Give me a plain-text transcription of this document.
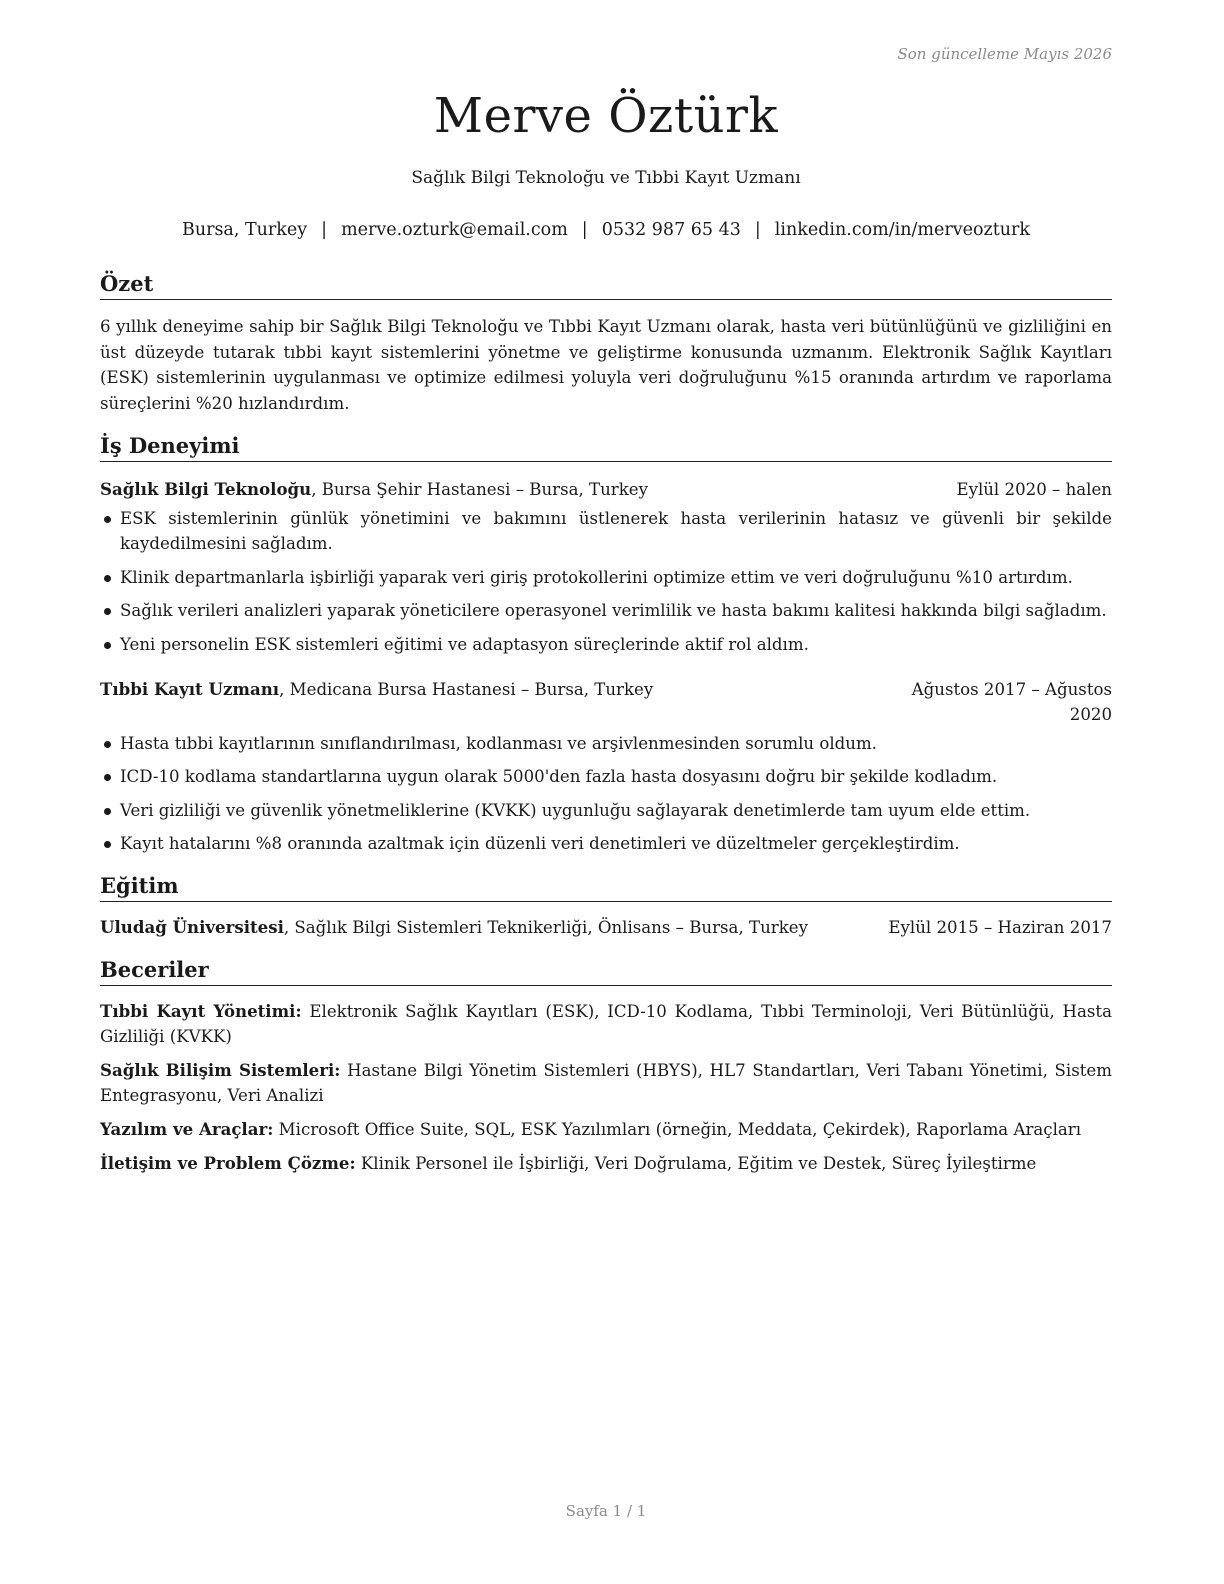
Son güncelleme Mayıs 2026
Merve Öztürk
Sağlık Bilgi Teknoloğu ve Tıbbi Kayıt Uzmanı
Bursa, Turkey | merve.ozturk@email.com | 0532 987 65 43 | linkedin.com/in/merveozturk
Özet

6 yıllık deneyime sahip bir Sağlık Bilgi Teknoloğu ve Tıbbi Kayıt Uzmanı olarak, hasta veri bütünlüğünü ve gizliliğini en üst düzeyde tutarak tıbbi kayıt sistemlerini yönetme ve geliştirme konusunda uzmanım. Elektronik Sağlık Kayıtları (ESK) sistemlerinin uygulanması ve optimize edilmesi yoluyla veri doğruluğunu %15 oranında artırdım ve raporlama süreçlerini %20 hızlandırdım.

İş Deneyimi
Sağlık Bilgi Teknoloğu, Bursa Şehir Hastanesi – Bursa, Turkey	Eylül 2020 – halen
ESK sistemlerinin günlük yönetimini ve bakımını üstlenerek hasta verilerinin hatasız ve güvenli bir şekilde kaydedilmesini sağladım.
Klinik departmanlarla işbirliği yaparak veri giriş protokollerini optimize ettim ve veri doğruluğunu %10 artırdım.
Sağlık verileri analizleri yaparak yöneticilere operasyonel verimlilik ve hasta bakımı kalitesi hakkında bilgi sağladım.
Yeni personelin ESK sistemleri eğitimi ve adaptasyon süreçlerinde aktif rol aldım.
Tıbbi Kayıt Uzmanı, Medicana Bursa Hastanesi – Bursa, Turkey	Ağustos 2017 – Ağustos 2020
Hasta tıbbi kayıtlarının sınıflandırılması, kodlanması ve arşivlenmesinden sorumlu oldum.
ICD-10 kodlama standartlarına uygun olarak 5000'den fazla hasta dosyasını doğru bir şekilde kodladım.
Veri gizliliği ve güvenlik yönetmeliklerine (KVKK) uygunluğu sağlayarak denetimlerde tam uyum elde ettim.
Kayıt hatalarını %8 oranında azaltmak için düzenli veri denetimleri ve düzeltmeler gerçekleştirdim.
Eğitim
Uludağ Üniversitesi, Sağlık Bilgi Sistemleri Teknikerliği, Önlisans – Bursa, Turkey	Eylül 2015 – Haziran 2017
Beceriler
Tıbbi Kayıt Yönetimi: Elektronik Sağlık Kayıtları (ESK), ICD-10 Kodlama, Tıbbi Terminoloji, Veri Bütünlüğü, Hasta Gizliliği (KVKK)
Sağlık Bilişim Sistemleri: Hastane Bilgi Yönetim Sistemleri (HBYS), HL7 Standartları, Veri Tabanı Yönetimi, Sistem Entegrasyonu, Veri Analizi
Yazılım ve Araçlar: Microsoft Office Suite, SQL, ESK Yazılımları (örneğin, Meddata, Çekirdek), Raporlama Araçları
İletişim ve Problem Çözme: Klinik Personel ile İşbirliği, Veri Doğrulama, Eğitim ve Destek, Süreç İyileştirme
Sayfa 1 / 1
